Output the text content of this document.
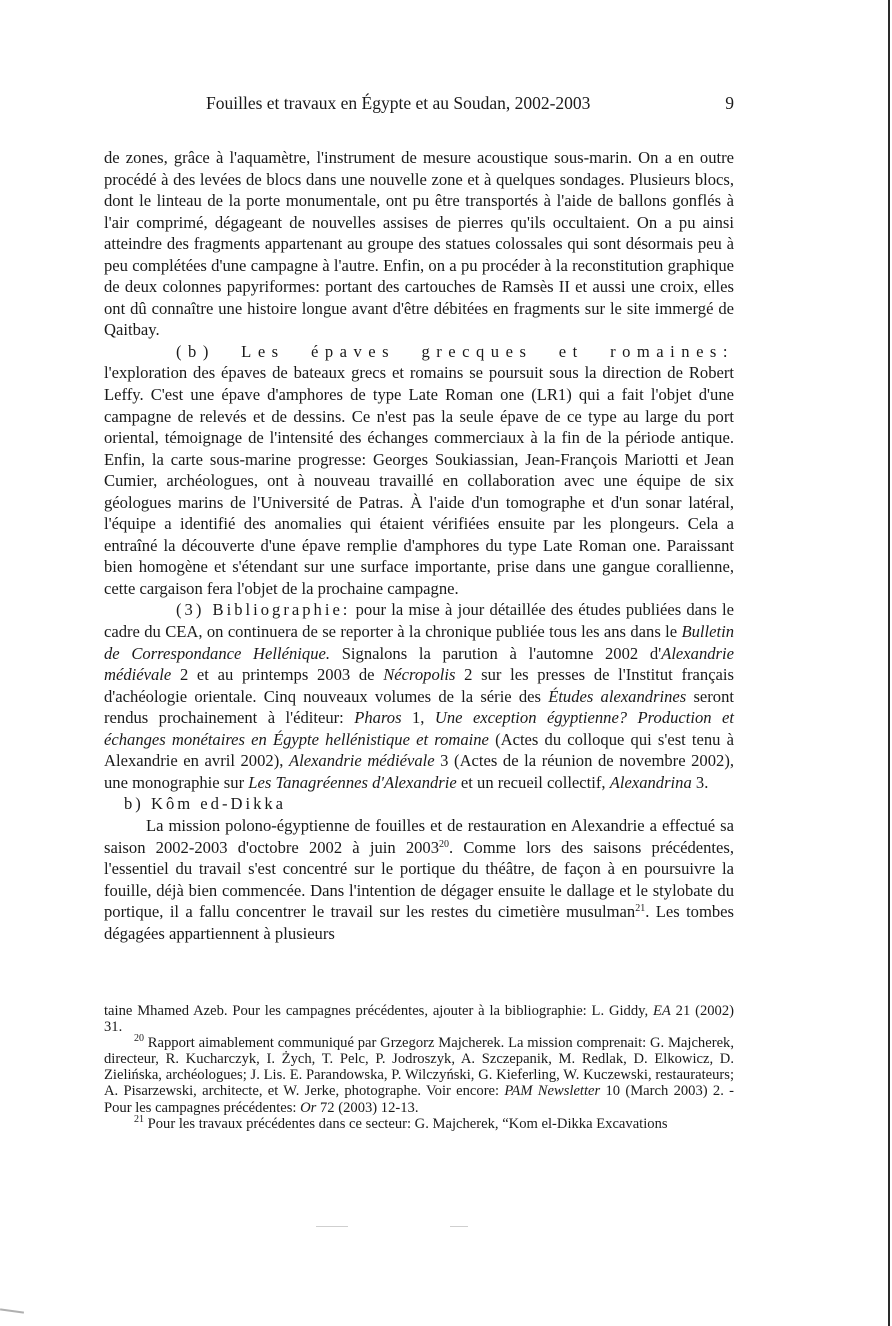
Fouilles et travaux en Égypte et au Soudan, 2002-2003	9

de zones, grâce à l'aquamètre, l'instrument de mesure acoustique sous-marin. On a en outre procédé à des levées de blocs dans une nouvelle zone et à quelques sondages. Plusieurs blocs, dont le linteau de la porte monumentale, ont pu être transportés à l'aide de ballons gonflés à l'air comprimé, dégageant de nouvelles assises de pierres qu'ils occultaient. On a pu ainsi atteindre des fragments appartenant au groupe des statues colossales qui sont désormais peu à peu complétées d'une campagne à l'autre. Enfin, on a pu procéder à la reconstitution graphique de deux colonnes papyriformes: portant des cartouches de Ramsès II et aussi une croix, elles ont dû connaître une histoire longue avant d'être débitées en fragments sur le site immergé de Qaitbay.

(b) Les épaves grecques et romaines: l'exploration des épaves de bateaux grecs et romains se poursuit sous la direction de Robert Leffy. C'est une épave d'amphores de type Late Roman one (LR1) qui a fait l'objet d'une campagne de relevés et de dessins. Ce n'est pas la seule épave de ce type au large du port oriental, témoignage de l'intensité des échanges commerciaux à la fin de la période antique. Enfin, la carte sous-marine progresse: Georges Soukiassian, Jean-François Mariotti et Jean Cumier, archéologues, ont à nouveau travaillé en collaboration avec une équipe de six géologues marins de l'Université de Patras. À l'aide d'un tomographe et d'un sonar latéral, l'équipe a identifié des anomalies qui étaient vérifiées ensuite par les plongeurs. Cela a entraîné la découverte d'une épave remplie d'amphores du type Late Roman one. Paraissant bien homogène et s'étendant sur une surface importante, prise dans une gangue corallienne, cette cargaison fera l'objet de la prochaine campagne.

(3) Bibliographie: pour la mise à jour détaillée des études publiées dans le cadre du CEA, on continuera de se reporter à la chronique publiée tous les ans dans le Bulletin de Correspondance Hellénique. Signalons la parution à l'automne 2002 d'Alexandrie médiévale 2 et au printemps 2003 de Nécropolis 2 sur les presses de l'Institut français d'achéologie orientale. Cinq nouveaux volumes de la série des Études alexandrines seront rendus prochainement à l'éditeur: Pharos 1, Une exception égyptienne? Production et échanges monétaires en Égypte hellénistique et romaine (Actes du colloque qui s'est tenu à Alexandrie en avril 2002), Alexandrie médiévale 3 (Actes de la réunion de novembre 2002), une monographie sur Les Tanagréennes d'Alexandrie et un recueil collectif, Alexandrina 3.

b) Kôm ed-Dikka

La mission polono-égyptienne de fouilles et de restauration en Alexandrie a effectué sa saison 2002-2003 d'octobre 2002 à juin 2003$^{20}$. Comme lors des saisons précédentes, l'essentiel du travail s'est concentré sur le portique du théâtre, de façon à en poursuivre la fouille, déjà bien commencée. Dans l'intention de dégager ensuite le dallage et le stylobate du portique, il a fallu concentrer le travail sur les restes du cimetière musulman$^{21}$. Les tombes dégagées appartiennent à plusieurs

taine Mhamed Azeb. Pour les campagnes précédentes, ajouter à la bibliographie: L. Giddy, EA 21 (2002) 31.

$^{20}$ Rapport aimablement communiqué par Grzegorz Majcherek. La mission comprenait: G. Majcherek, directeur, R. Kucharczyk, I. Żych, T. Pelc, P. Jodroszyk, A. Szczepanik, M. Redlak, D. Elkowicz, D. Zielińska, archéologues; J. Lis. E. Parandowska, P. Wilczyński, G. Kieferling, W. Kuczewski, restaurateurs; A. Pisarzewski, architecte, et W. Jerke, photographe. Voir encore: PAM Newsletter 10 (March 2003) 2. - Pour les campagnes précédentes: Or 72 (2003) 12-13.

$^{21}$ Pour les travaux précédentes dans ce secteur: G. Majcherek, “Kom el-Dikka Excavations
